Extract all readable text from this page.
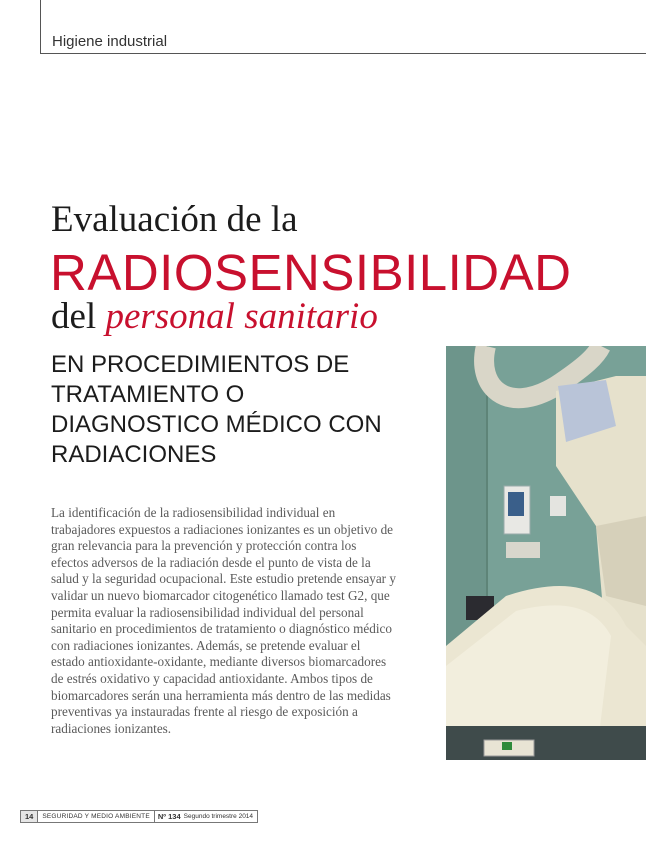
Higiene industrial
Evaluación de la
RADIOSENSIBILIDAD
del personal sanitario
EN PROCEDIMIENTOS DE
TRATAMIENTO O
DIAGNOSTICO MÉDICO CON
RADIACIONES
La identificación de la radiosensibilidad individual en trabajadores expuestos a radiaciones ionizantes es un objetivo de gran relevancia para la prevención y protección contra los efectos adversos de la radiación desde el punto de vista de la salud y la seguridad ocupacional. Este estudio pretende ensayar y validar un nuevo biomarcador citogenético llamado test G2, que permita evaluar la radiosensibilidad individual del personal sanitario en procedimientos de tratamiento o diagnóstico médico con radiaciones ionizantes. Además, se pretende evaluar el estado antioxidante-oxidante, mediante diversos biomarcadores de estrés oxidativo y capacidad antioxidante. Ambos tipos de biomarcadores serán una herramienta más dentro de las medidas preventivas ya instauradas frente al riesgo de exposición a radiaciones ionizantes.
14	SEGURIDAD Y MEDIO AMBIENTE	Nº 134 Segundo trimestre 2014
